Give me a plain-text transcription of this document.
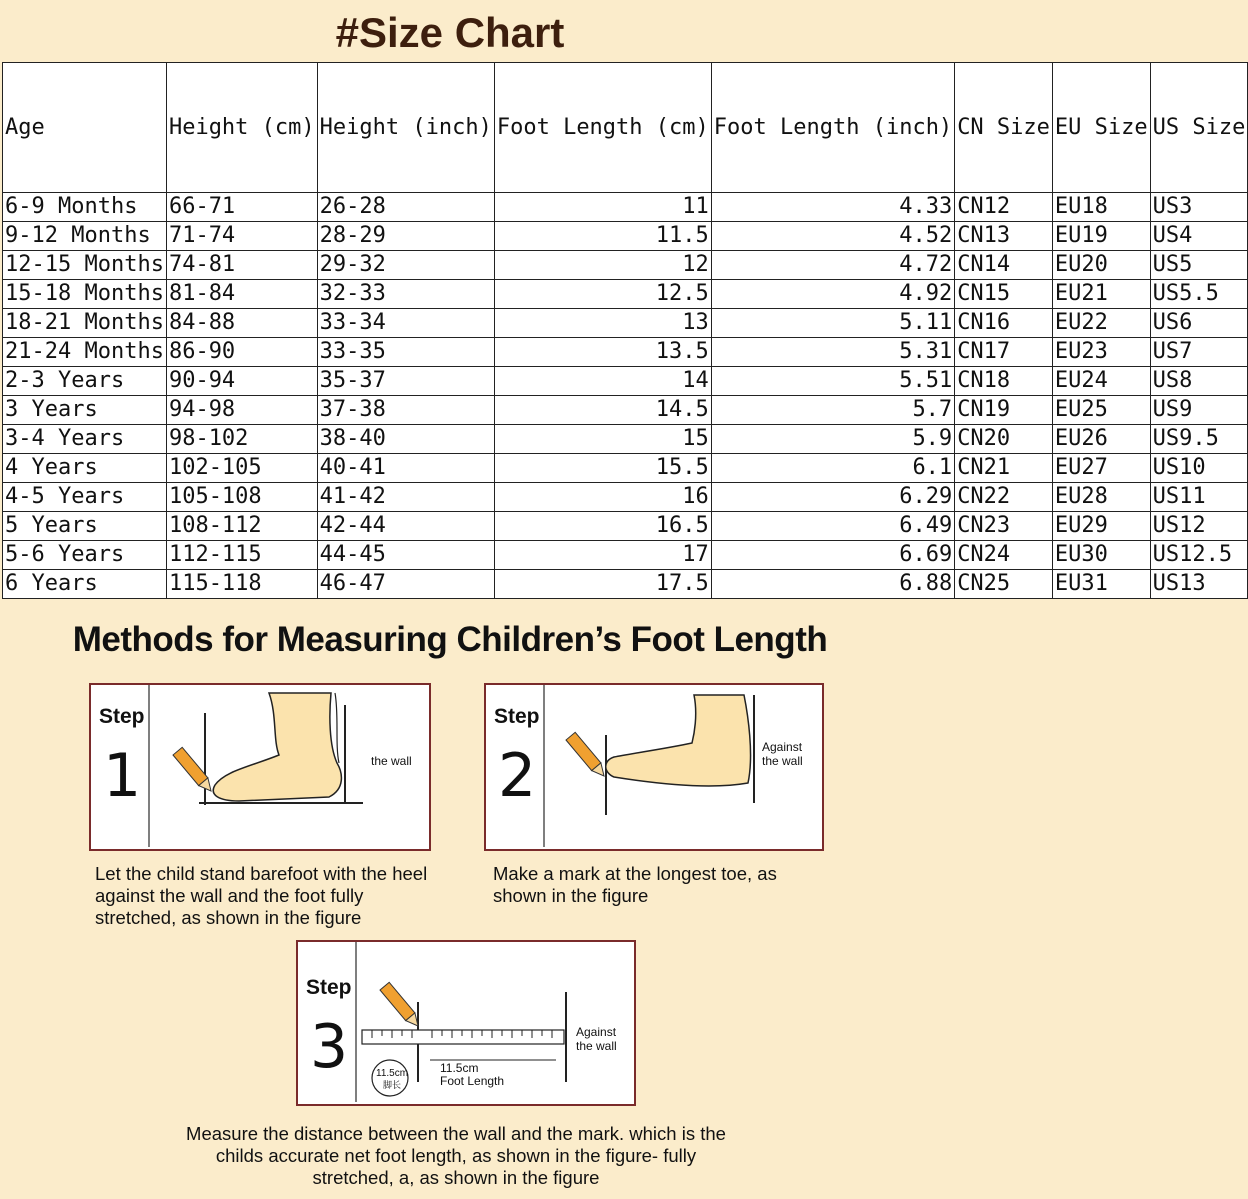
#Size Chart
Age	Height (cm)	Height (inch)	Foot Length (cm)	Foot Length (inch)	CN Size	EU Size	US Size
6-9 Months	66-71	26-28	11	4.33	CN12	EU18	US3
9-12 Months	71-74	28-29	11.5	4.52	CN13	EU19	US4
12-15 Months	74-81	29-32	12	4.72	CN14	EU20	US5
15-18 Months	81-84	32-33	12.5	4.92	CN15	EU21	US5.5
18-21 Months	84-88	33-34	13	5.11	CN16	EU22	US6
21-24 Months	86-90	33-35	13.5	5.31	CN17	EU23	US7
2-3 Years	90-94	35-37	14	5.51	CN18	EU24	US8
3 Years	94-98	37-38	14.5	5.7	CN19	EU25	US9
3-4 Years	98-102	38-40	15	5.9	CN20	EU26	US9.5
4 Years	102-105	40-41	15.5	6.1	CN21	EU27	US10
4-5 Years	105-108	41-42	16	6.29	CN22	EU28	US11
5 Years	108-112	42-44	16.5	6.49	CN23	EU29	US12
5-6 Years	112-115	44-45	17	6.69	CN24	EU30	US12.5
6 Years	115-118	46-47	17.5	6.88	CN25	EU31	US13
Methods for Measuring Children’s Foot Length
Step
1	the wall
Let the child stand barefoot with the heel against the wall and the foot fully stretched, as shown in the figure
Step
2	Against
the wall
Make a mark at the longest toe, as shown in the figure
Step
3	11.5cm
脚长
11.5cm
Foot Length
Against
the wall
Measure the distance between the wall and the mark. which is the childs accurate net foot length, as shown in the figure- fully stretched, a, as shown in the figure
